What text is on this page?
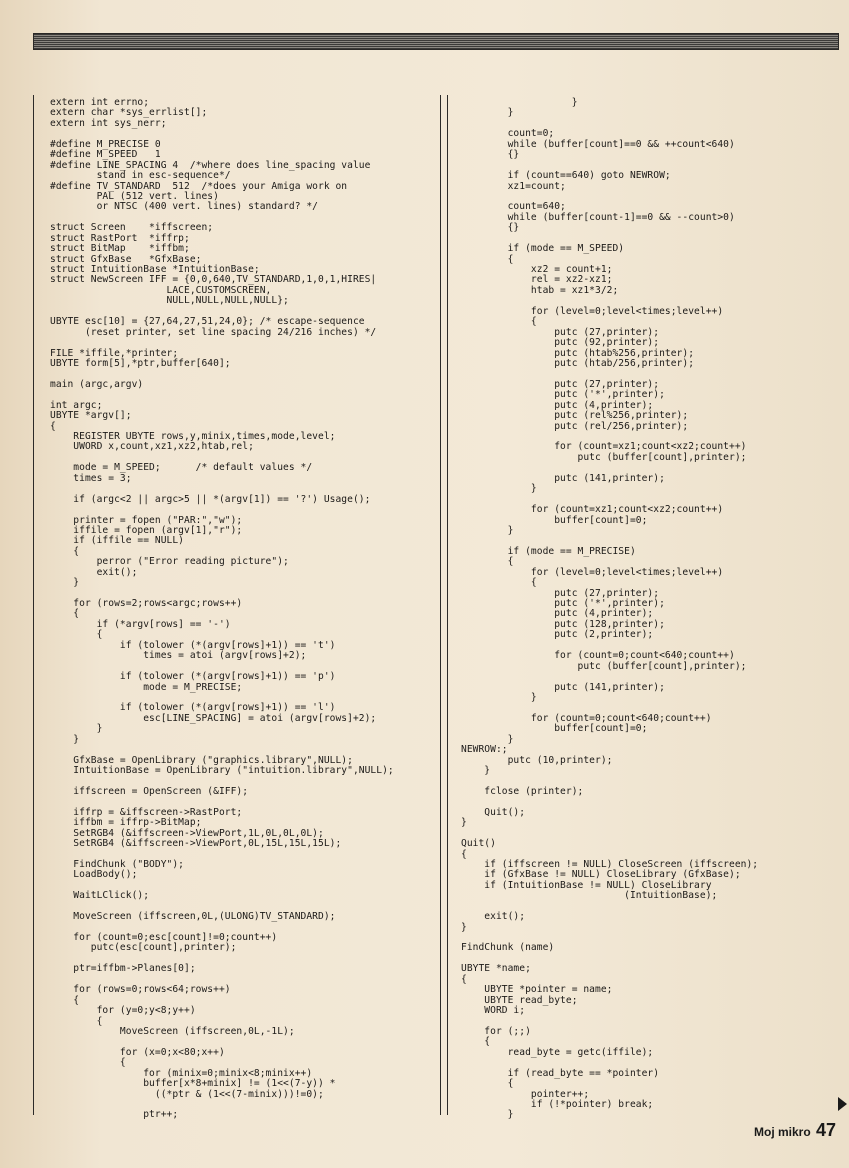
extern int errno;
extern char *sys_errlist[];
extern int sys_nerr;
#define M_PRECISE 0
#define M_SPEED   1
#define LINE_SPACING 4  /*where does line_spacing value
stand in esc-sequence*/
#define TV_STANDARD  512  /*does your Amiga work on
PAL (512 vert. lines)
or NTSC (400 vert. lines) standard? */
struct Screen    *iffscreen;
struct RastPort  *iffrp;
struct BitMap    *iffbm;
struct GfxBase   *GfxBase;
struct IntuitionBase *IntuitionBase;
struct NewScreen IFF = {0,0,640,TV_STANDARD,1,0,1,HIRES|
LACE,CUSTOMSCREEN,
NULL,NULL,NULL,NULL};
UBYTE esc[10] = {27,64,27,51,24,0}; /* escape-sequence
(reset printer, set line spacing 24/216 inches) */
FILE *iffile,*printer;
UBYTE form[5],*ptr,buffer[640];
main (argc,argv)
int argc;
UBYTE *argv[];
{
REGISTER UBYTE rows,y,minix,times,mode,level;
UWORD x,count,xz1,xz2,htab,rel;
mode = M_SPEED;      /* default values */
times = 3;
if (argc<2 || argc>5 || *(argv[1]) == '?') Usage();
printer = fopen ("PAR:","w");
iffile = fopen (argv[1],"r");
if (iffile == NULL)
{
perror ("Error reading picture");
exit();
}
for (rows=2;rows<argc;rows++)
{
if (*argv[rows] == '-')
{
if (tolower (*(argv[rows]+1)) == 't')
times = atoi (argv[rows]+2);
if (tolower (*(argv[rows]+1)) == 'p')
mode = M_PRECISE;
if (tolower (*(argv[rows]+1)) == 'l')
esc[LINE_SPACING] = atoi (argv[rows]+2);
}
}
GfxBase = OpenLibrary ("graphics.library",NULL);
IntuitionBase = OpenLibrary ("intuition.library",NULL);
iffscreen = OpenScreen (&IFF);
iffrp = &iffscreen->RastPort;
iffbm = iffrp->BitMap;
SetRGB4 (&iffscreen->ViewPort,1L,0L,0L,0L);
SetRGB4 (&iffscreen->ViewPort,0L,15L,15L,15L);
FindChunk ("BODY");
LoadBody();
WaitLClick();
MoveScreen (iffscreen,0L,(ULONG)TV_STANDARD);
for (count=0;esc[count]!=0;count++)
putc(esc[count],printer);
ptr=iffbm->Planes[0];
for (rows=0;rows<64;rows++)
{
for (y=0;y<8;y++)
{
MoveScreen (iffscreen,0L,-1L);
for (x=0;x<80;x++)
{
for (minix=0;minix<8;minix++)
buffer[x*8+minix] != (1<<(7-y)) *
((*ptr & (1<<(7-minix)))!=0);
ptr++;
}
}
count=0;
while (buffer[count]==0 && ++count<640)
{}
if (count==640) goto NEWROW;
xz1=count;
count=640;
while (buffer[count-1]==0 && --count>0)
{}
if (mode == M_SPEED)
{
xz2 = count+1;
rel = xz2-xz1;
htab = xz1*3/2;
for (level=0;level<times;level++)
{
putc (27,printer);
putc (92,printer);
putc (htab%256,printer);
putc (htab/256,printer);
putc (27,printer);
putc ('*',printer);
putc (4,printer);
putc (rel%256,printer);
putc (rel/256,printer);
for (count=xz1;count<xz2;count++)
putc (buffer[count],printer);
putc (141,printer);
}
for (count=xz1;count<xz2;count++)
buffer[count]=0;
}
if (mode == M_PRECISE)
{
for (level=0;level<times;level++)
{
putc (27,printer);
putc ('*',printer);
putc (4,printer);
putc (128,printer);
putc (2,printer);
for (count=0;count<640;count++)
putc (buffer[count],printer);
putc (141,printer);
}
for (count=0;count<640;count++)
buffer[count]=0;
}
NEWROW:;
putc (10,printer);
}
fclose (printer);
Quit();
}
Quit()
{
if (iffscreen != NULL) CloseScreen (iffscreen);
if (GfxBase != NULL) CloseLibrary (GfxBase);
if (IntuitionBase != NULL) CloseLibrary
(IntuitionBase);
exit();
}
FindChunk (name)
UBYTE *name;
{
UBYTE *pointer = name;
UBYTE read_byte;
WORD i;
for (;;)
{
read_byte = getc(iffile);
if (read_byte == *pointer)
{
pointer++;
if (!*pointer) break;
}
Moj mikro 47
